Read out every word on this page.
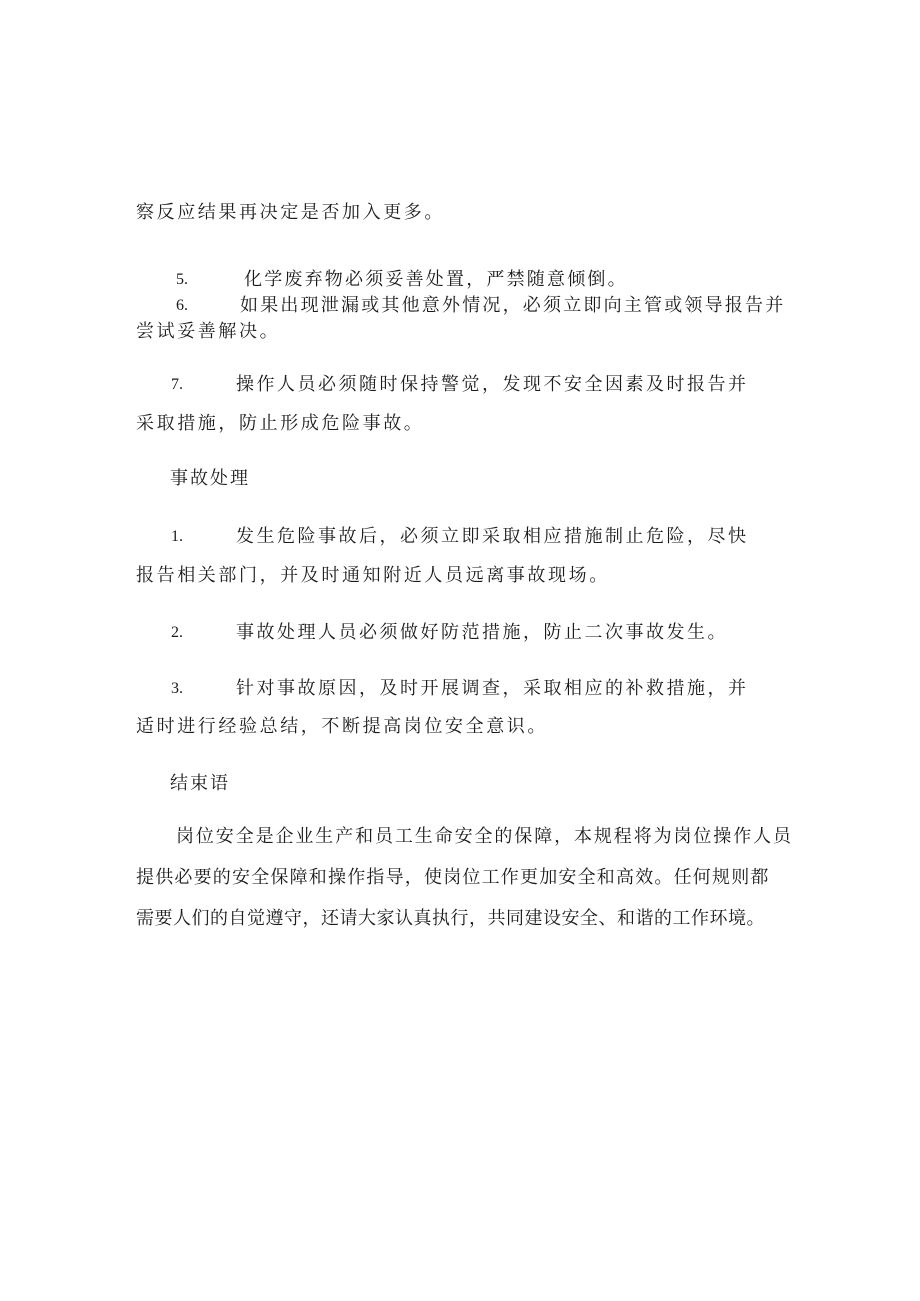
察反应结果再决定是否加入更多。
5.	化学废弃物必须妥善处置，严禁随意倾倒。
6.	如果出现泄漏或其他意外情况，必须立即向主管或领导报告并
尝试妥善解决。
7.	操作人员必须随时保持警觉，发现不安全因素及时报告并
采取措施，防止形成危险事故。
事故处理
1.	发生危险事故后，必须立即采取相应措施制止危险，尽快
报告相关部门，并及时通知附近人员远离事故现场。
2.	事故处理人员必须做好防范措施，防止二次事故发生。
3.	针对事故原因，及时开展调查，采取相应的补救措施，并
适时进行经验总结，不断提高岗位安全意识。
结束语
岗位安全是企业生产和员工生命安全的保障，本规程将为岗位操作人员
提供必要的安全保障和操作指导，使岗位工作更加安全和高效。任何规则都
需要人们的自觉遵守，还请大家认真执行，共同建设安全、和谐的工作环境。
